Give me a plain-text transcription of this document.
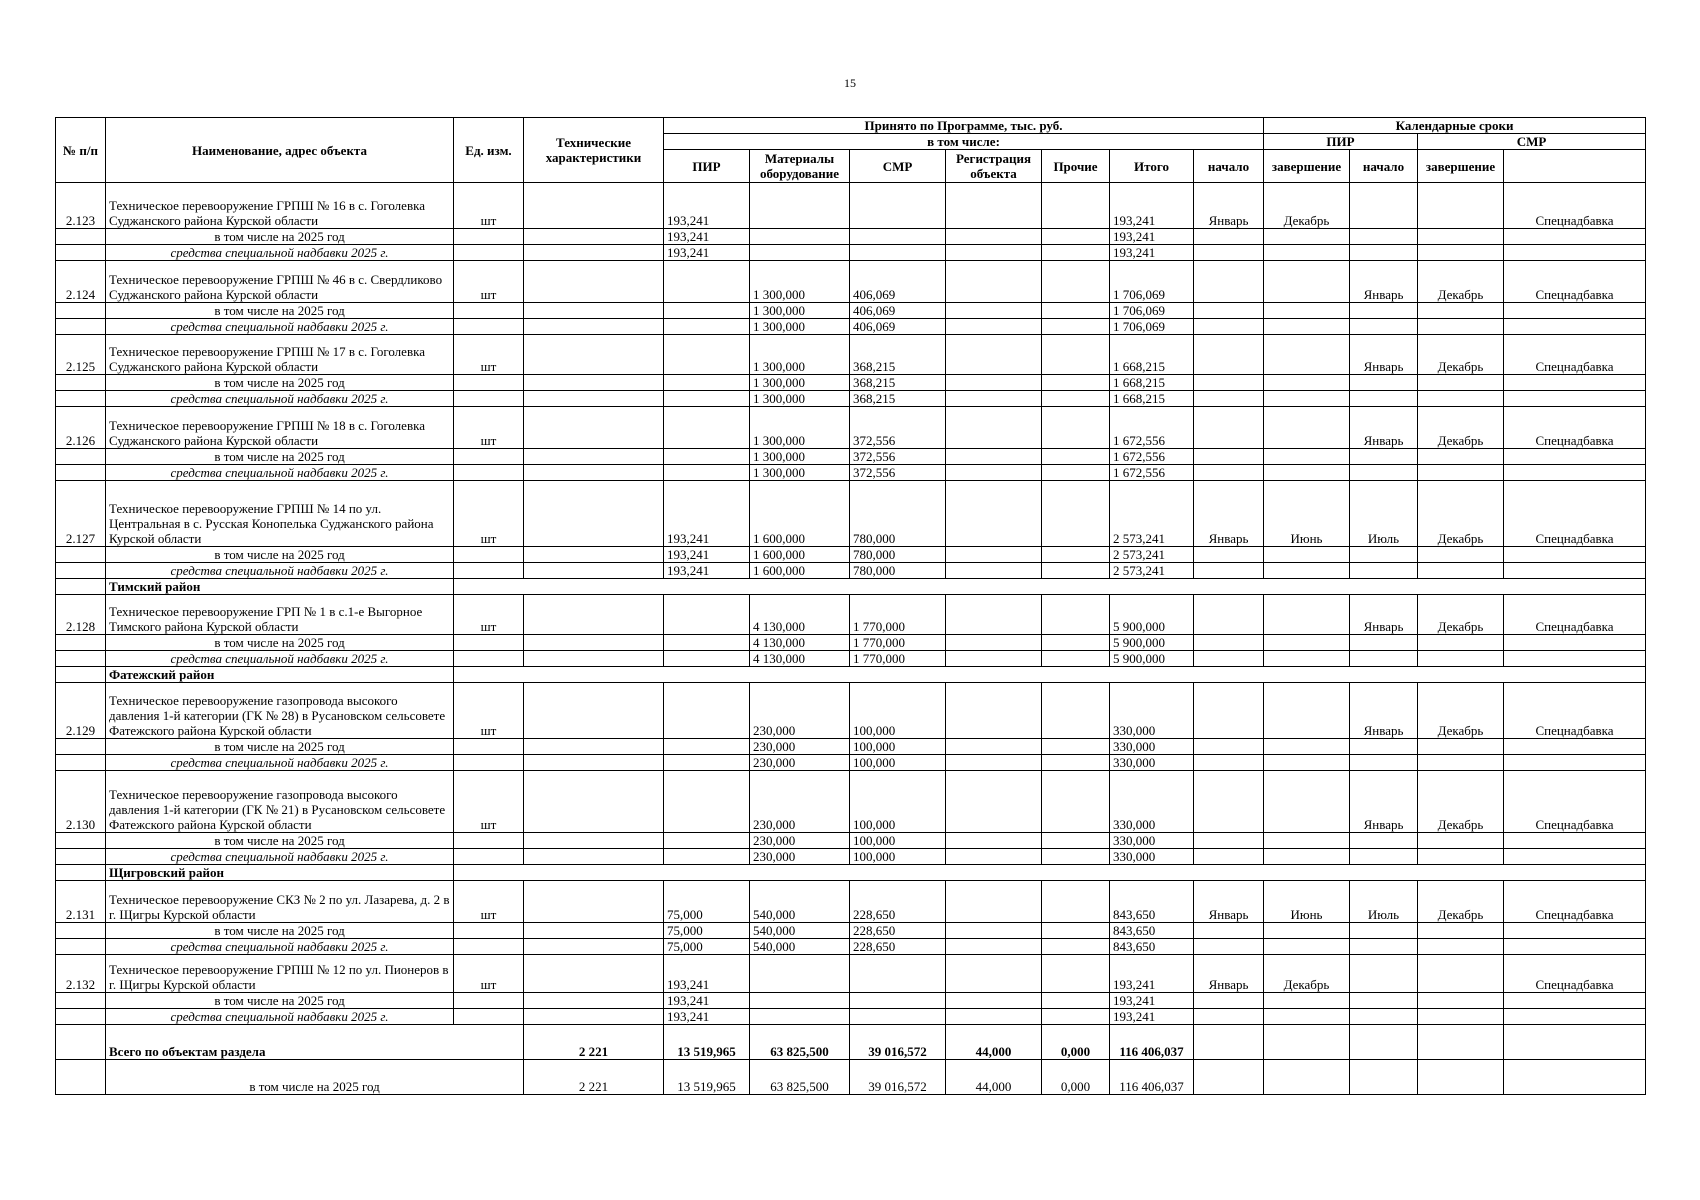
15
№ п/п	Наименование, адрес объекта	Ед. изм.	Технические характеристики	Принято по Программе, тыс. руб.							Календарные сроки	
				в том числе:							ПИР		СМР		
				ПИР	Материалы оборудование	СМР	Регистрация объекта	Прочие	Итого	начало	завершение	начало	завершение		

2.123	Техническое перевооружение ГРПШ № 16 в с. Гоголевка Суджанского района Курской области	шт		193,241					193,241	Январь	Декабрь			Спецнадбавка	
	в том числе на 2025 год			193,241					193,241						
	средства специальной надбавки 2025 г.			193,241					193,241						
2.124	Техническое перевооружение ГРПШ № 46 в с. Свердликово Суджанского района Курской области	шт			1 300,000	406,069			1 706,069			Январь	Декабрь	Спецнадбавка	
	в том числе на 2025 год				1 300,000	406,069			1 706,069						
	средства специальной надбавки 2025 г.				1 300,000	406,069			1 706,069						
2.125	Техническое перевооружение ГРПШ № 17 в с. Гоголевка Суджанского района Курской области	шт			1 300,000	368,215			1 668,215			Январь	Декабрь	Спецнадбавка	
	в том числе на 2025 год				1 300,000	368,215			1 668,215						
	средства специальной надбавки 2025 г.				1 300,000	368,215			1 668,215						
2.126	Техническое перевооружение ГРПШ № 18 в с. Гоголевка Суджанского района Курской области	шт			1 300,000	372,556			1 672,556			Январь	Декабрь	Спецнадбавка	
	в том числе на 2025 год				1 300,000	372,556			1 672,556						
	средства специальной надбавки 2025 г.				1 300,000	372,556			1 672,556						
2.127	Техническое перевооружение ГРПШ № 14 по ул. Центральная в с. Русская Конопелька Суджанского района Курской области	шт		193,241	1 600,000	780,000			2 573,241	Январь	Июнь	Июль	Декабрь	Спецнадбавка	
	в том числе на 2025 год			193,241	1 600,000	780,000			2 573,241						
	средства специальной надбавки 2025 г.			193,241	1 600,000	780,000			2 573,241						
	Тимский район														
2.128	Техническое перевооружение ГРП № 1 в с.1-е Выгорное Тимского района Курской области	шт			4 130,000	1 770,000			5 900,000			Январь	Декабрь	Спецнадбавка	
	в том числе на 2025 год				4 130,000	1 770,000			5 900,000						
	средства специальной надбавки 2025 г.				4 130,000	1 770,000			5 900,000						
	Фатежский район														
2.129	Техническое перевооружение газопровода высокого давления 1-й категории (ГК № 28) в Русановском сельсовете Фатежского района Курской области	шт			230,000	100,000			330,000			Январь	Декабрь	Спецнадбавка	
	в том числе на 2025 год				230,000	100,000			330,000						
	средства специальной надбавки 2025 г.				230,000	100,000			330,000						
2.130	Техническое перевооружение газопровода высокого давления 1-й категории (ГК № 21) в Русановском сельсовете Фатежского района Курской области	шт			230,000	100,000			330,000			Январь	Декабрь	Спецнадбавка	
	в том числе на 2025 год				230,000	100,000			330,000						
	средства специальной надбавки 2025 г.				230,000	100,000			330,000						
	Щигровский район														
2.131	Техническое перевооружение СКЗ № 2 по ул. Лазарева, д. 2 в г. Щигры Курской области	шт		75,000	540,000	228,650			843,650	Январь	Июнь	Июль	Декабрь	Спецнадбавка	
	в том числе на 2025 год			75,000	540,000	228,650			843,650						
	средства специальной надбавки 2025 г.			75,000	540,000	228,650			843,650						
2.132	Техническое перевооружение ГРПШ № 12 по ул. Пионеров в г. Щигры Курской области	шт		193,241					193,241	Январь	Декабрь			Спецнадбавка	
	в том числе на 2025 год			193,241					193,241						
	средства специальной надбавки 2025 г.			193,241					193,241						
	Всего по объектам раздела		2 221	13 519,965	63 825,500	39 016,572	44,000	0,000	116 406,037						
	в том числе на 2025 год		2 221	13 519,965	63 825,500	39 016,572	44,000	0,000	116 406,037						
